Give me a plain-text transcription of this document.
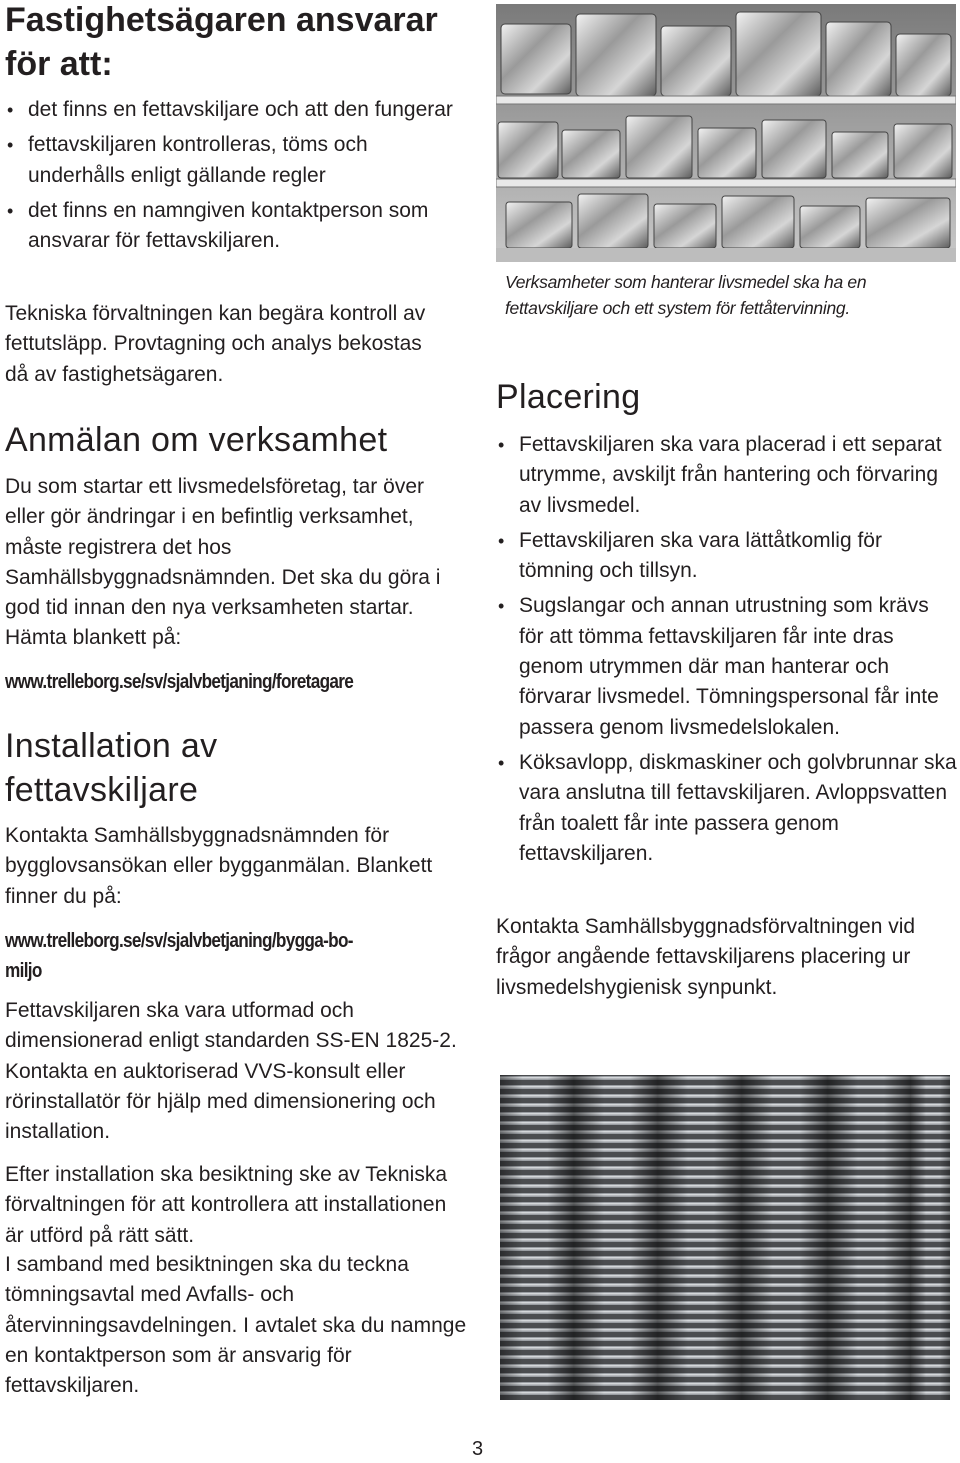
Fastighetsägaren ansvarar för att:
• det finns en fettavskiljare och att den fungerar
• fettavskiljaren kontrolleras, töms och underhålls enligt gällande regler
• det finns en namngiven kontaktperson som ansvarar för fettavskiljaren.

Tekniska förvaltningen kan begära kontroll av fettutsläpp. Provtagning och analys bekostas då av fastighetsägaren.

Anmälan om verksamhet

Du som startar ett livsmedelsföretag, tar över eller gör ändringar i en befintlig verksamhet, måste registrera det hos Samhällsbyggnadsnämnden. Det ska du göra i god tid innan den nya verksamheten startar. Hämta blankett på:

www.trelleborg.se/sv/sjalvbetjaning/foretagare
Installation av fettavskiljare

Kontakta Samhällsbyggnadsnämnden för bygglovsansökan eller bygganmälan. Blankett finner du på:

www.trelleborg.se/sv/sjalvbetjaning/bygga-bo-
miljo

Fettavskiljaren ska vara utformad och dimensionerad enligt standarden SS-EN 1825-2. Kontakta en auktoriserad VVS-konsult eller rörinstallatör för hjälp med dimensionering och installation.

Efter installation ska besiktning ske av Tekniska förvaltningen för att kontrollera att installationen är utförd på rätt sätt.

I samband med besiktningen ska du teckna tömningsavtal med Avfalls- och återvinningsavdelningen. I avtalet ska du namnge en kontaktperson som är ansvarig för fettavskiljaren.

Verksamheter som hanterar livsmedel ska ha en fettavskiljare och ett system för fettåtervinning.
Placering
• Fettavskiljaren ska vara placerad i ett separat utrymme, avskiljt från hantering och förvaring av livsmedel.
• Fettavskiljaren ska vara lättåtkomlig för tömning och tillsyn.
• Sugslangar och annan utrustning som krävs för att tömma fettavskiljaren får inte dras genom utrymmen där man hanterar och förvarar livsmedel. Tömningspersonal får inte passera genom livsmedelslokalen.
• Köksavlopp, diskmaskiner och golvbrunnar ska vara anslutna till fettavskiljaren. Avloppsvatten från toalett får inte passera genom fettavskiljaren.

Kontakta Samhällsbyggnadsförvaltningen vid frågor angående fettavskiljarens placering ur livsmedelshygienisk synpunkt.

3
